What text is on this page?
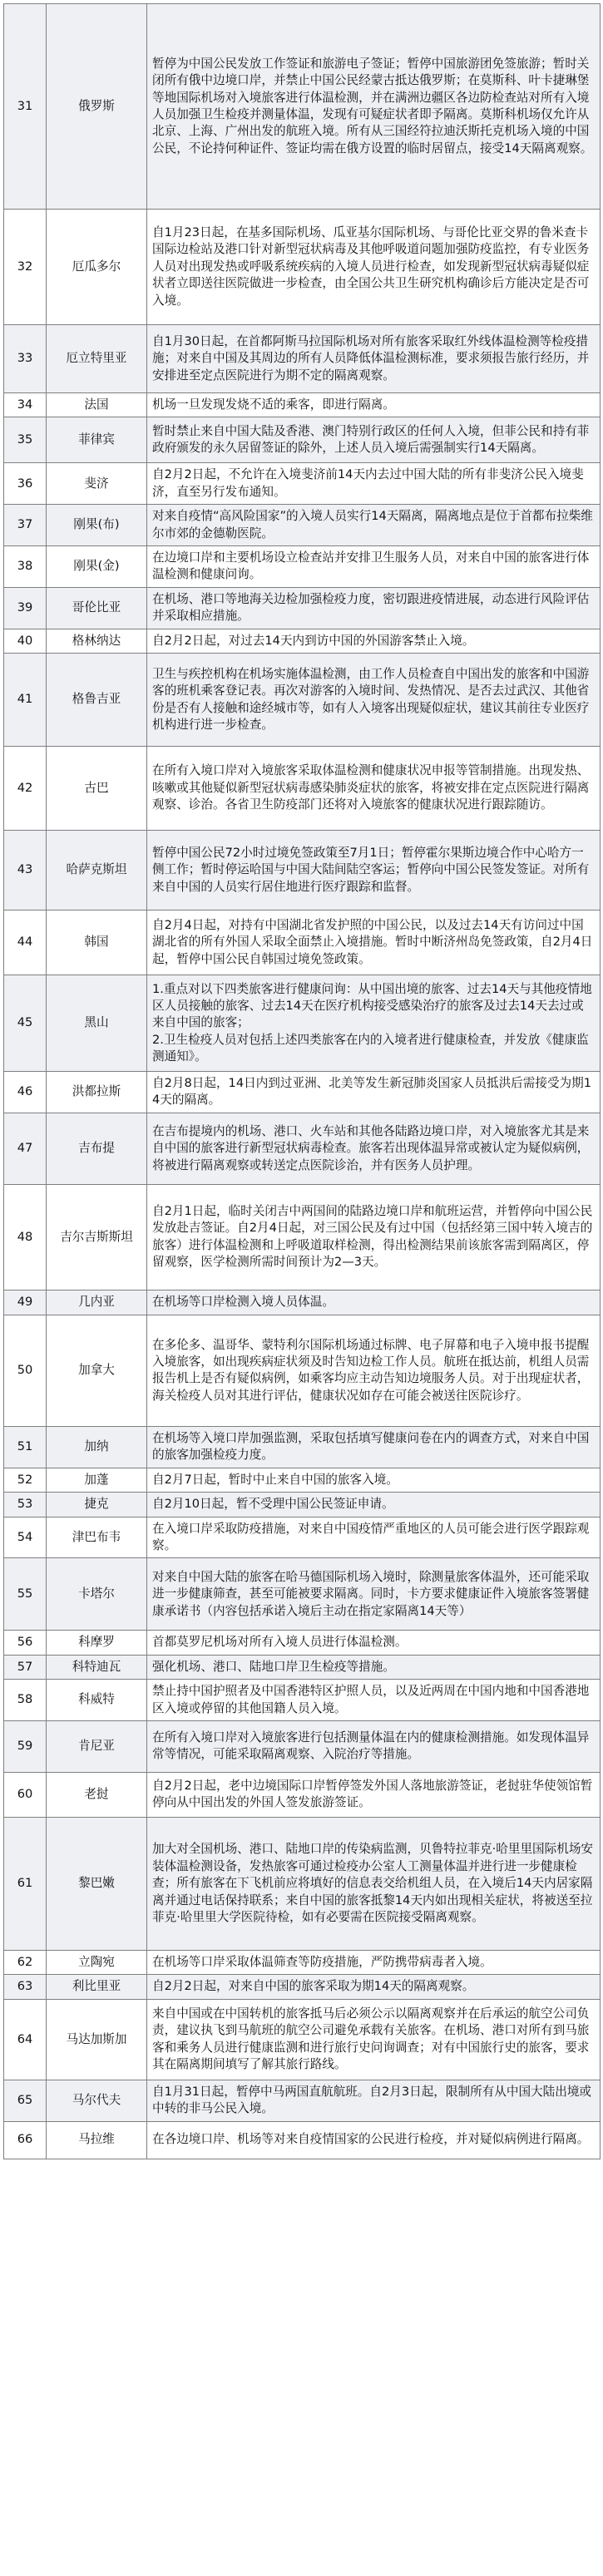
31	俄罗斯	暂停为中国公民发放工作签证和旅游电子签证；暂停中国旅游团免签旅游；暂时关闭所有俄中边境口岸，并禁止中国公民经蒙古抵达俄罗斯；在莫斯科、叶卡捷琳堡等地国际机场对入境旅客进行体温检测，并在满洲边疆区各边防检查站对所有入境人员加强卫生检疫并测量体温，发现有可疑症状者即予隔离。莫斯科机场仅允许从北京、上海、广州出发的航班入境。所有从三国经符拉迪沃斯托克机场入境的中国公民，不论持何种证件、签证均需在俄方设置的临时居留点，接受14天隔离观察。
32	厄瓜多尔	自1月23日起，在基多国际机场、瓜亚基尔国际机场、与哥伦比亚交界的鲁米查卡国际边检站及港口针对新型冠状病毒及其他呼吸道问题加强防疫监控，有专业医务人员对出现发热或呼吸系统疾病的入境人员进行检查，如发现新型冠状病毒疑似症状者立即送往医院做进一步检查，由全国公共卫生研究机构确诊后方能决定是否可入境。
33	厄立特里亚	自1月30日起，在首都阿斯马拉国际机场对所有旅客采取红外线体温检测等检疫措施；对来自中国及其周边的所有人员降低体温检测标准，要求须报告旅行经历，并安排进至定点医院进行为期不定的隔离观察。
34	法国	机场一旦发现发烧不适的乘客，即进行隔离。
35	菲律宾	暂时禁止来自中国大陆及香港、澳门特别行政区的任何人入境，但菲公民和持有菲政府颁发的永久居留签证的除外，上述人员入境后需强制实行14天隔离。
36	斐济	自2月2日起，不允许在入境斐济前14天内去过中国大陆的所有非斐济公民入境斐济，直至另行发布通知。
37	刚果(布)	对来自疫情“高风险国家”的入境人员实行14天隔离，隔离地点是位于首都布拉柴维尔市郊的金德勒医院。
38	刚果(金)	在边境口岸和主要机场设立检查站并安排卫生服务人员，对来自中国的旅客进行体温检测和健康问询。
39	哥伦比亚	在机场、港口等地海关边检加强检疫力度，密切跟进疫情进展，动态进行风险评估并采取相应措施。
40	格林纳达	自2月2日起，对过去14天内到访中国的外国游客禁止入境。
41	格鲁吉亚	卫生与疾控机构在机场实施体温检测，由工作人员检查自中国出发的旅客和中国游客的班机乘客登记表。再次对游客的入境时间、发热情况、是否去过武汉、其他省份是否有人接触和途经城市等，如有人入境客出现疑似症状，建议其前往专业医疗机构进行进一步检查。
42	古巴	在所有入境口岸对入境旅客采取体温检测和健康状况申报等管制措施。出现发热、咳嗽或其他疑似新型冠状病毒感染肺炎症状的旅客，将被安排在定点医院进行隔离观察、诊治。各省卫生防疫部门还将对入境旅客的健康状况进行跟踪随访。
43	哈萨克斯坦	暂停中国公民72小时过境免签政策至7月1日；暂停霍尔果斯边境合作中心哈方一侧工作；暂时停运哈国与中国大陆间陆空客运；暂停向中国公民签发签证。对所有来自中国的人员实行居住地进行医疗跟踪和监督。
44	韩国	自2月4日起，对持有中国湖北省发护照的中国公民，以及过去14天有访问过中国湖北省的所有外国人采取全面禁止入境措施。暂时中断济州岛免签政策，自2月4日起，暂停中国公民自韩国过境免签政策。
45	黑山	1.重点对以下四类旅客进行健康问询：从中国出境的旅客、过去14天与其他疫情地区人员接触的旅客、过去14天在医疗机构接受感染治疗的旅客及过去14天去过或来自中国的旅客；
2.卫生检疫人员对包括上述四类旅客在内的入境者进行健康检查，并发放《健康监测通知》。
46	洪都拉斯	自2月8日起，14日内到过亚洲、北美等发生新冠肺炎国家人员抵洪后需接受为期14天的隔离。
47	吉布提	在吉布提境内的机场、港口、火车站和其他各陆路边境口岸，对入境旅客尤其是来自中国的旅客进行新型冠状病毒检查。旅客若出现体温异常或被认定为疑似病例，将被进行隔离观察或转送定点医院诊治，并有医务人员护理。
48	吉尔吉斯斯坦	自2月1日起，临时关闭吉中两国间的陆路边境口岸和航班运营，并暂停向中国公民发放赴吉签证。自2月4日起，对三国公民及有过中国（包括经第三国中转入境吉的旅客）进行体温检测和上呼吸道取样检测，得出检测结果前该旅客需到隔离区，停留观察，医学检测所需时间预计为2—3天。
49	几内亚	在机场等口岸检测入境人员体温。
50	加拿大	在多伦多、温哥华、蒙特利尔国际机场通过标牌、电子屏幕和电子入境申报书提醒入境旅客，如出现疾病症状须及时告知边检工作人员。航班在抵达前，机组人员需报告机上是否有疑似病例，如乘客均应主动告知边境服务人员。对于出现症状者，海关检疫人员对其进行评估，健康状况如存在可能会被送往医院诊疗。
51	加纳	在机场等入境口岸加强监测，采取包括填写健康问卷在内的调查方式，对来自中国的旅客加强检疫力度。
52	加蓬	自2月7日起，暂时中止来自中国的旅客入境。
53	捷克	自2月10日起，暂不受理中国公民签证申请。
54	津巴布韦	在入境口岸采取防疫措施，对来自中国疫情严重地区的人员可能会进行医学跟踪观察。
55	卡塔尔	对来自中国大陆的旅客在哈马德国际机场入境时，除测量旅客体温外，还可能采取进一步健康筛查，甚至可能被要求隔离。同时，卡方要求健康证件入境旅客签署健康承诺书（内容包括承诺入境后主动在指定家隔离14天等）
56	科摩罗	首都莫罗尼机场对所有入境人员进行体温检测。
57	科特迪瓦	强化机场、港口、陆地口岸卫生检疫等措施。
58	科威特	禁止持中国护照者及中国香港特区护照人员，以及近两周在中国内地和中国香港地区入境或停留的其他国籍人员入境。
59	肯尼亚	在所有入境口岸对入境旅客进行包括测量体温在内的健康检测措施。如发现体温异常等情况，可能采取隔离观察、入院治疗等措施。
60	老挝	自2月2日起，老中边境国际口岸暂停签发外国人落地旅游签证，老挝驻华使领馆暂停向从中国出发的外国人签发旅游签证。
61	黎巴嫩	加大对全国机场、港口、陆地口岸的传染病监测，贝鲁特拉菲克·哈里里国际机场安装体温检测设备，发热旅客可通过检疫办公室人工测量体温并进行进一步健康检查；所有旅客在下飞机前应将填好的信息表交给机组人员，在入境后14天内居家隔离并通过电话保持联系；来自中国的旅客抵黎14天内如出现相关症状，将被送至拉菲克·哈里里大学医院待检，如有必要需在医院接受隔离观察。
62	立陶宛	在机场等口岸采取体温筛查等防疫措施，严防携带病毒者入境。
63	利比里亚	自2月2日起，对来自中国的旅客采取为期14天的隔离观察。
64	马达加斯加	来自中国或在中国转机的旅客抵马后必须公示以隔离观察并在后承运的航空公司负责，建议执飞到马航班的航空公司避免承载有关旅客。在机场、港口对所有到马旅客和乘务人员进行健康监测和进行旅行史问询调查；对有中国旅行史的旅客，要求其在隔离期间填写了解其旅行路线。
65	马尔代夫	自1月31日起，暂停中马两国直航航班。自2月3日起，限制所有从中国大陆出境或中转的非马公民入境。
66	马拉维	在各边境口岸、机场等对来自疫情国家的公民进行检疫，并对疑似病例进行隔离。
